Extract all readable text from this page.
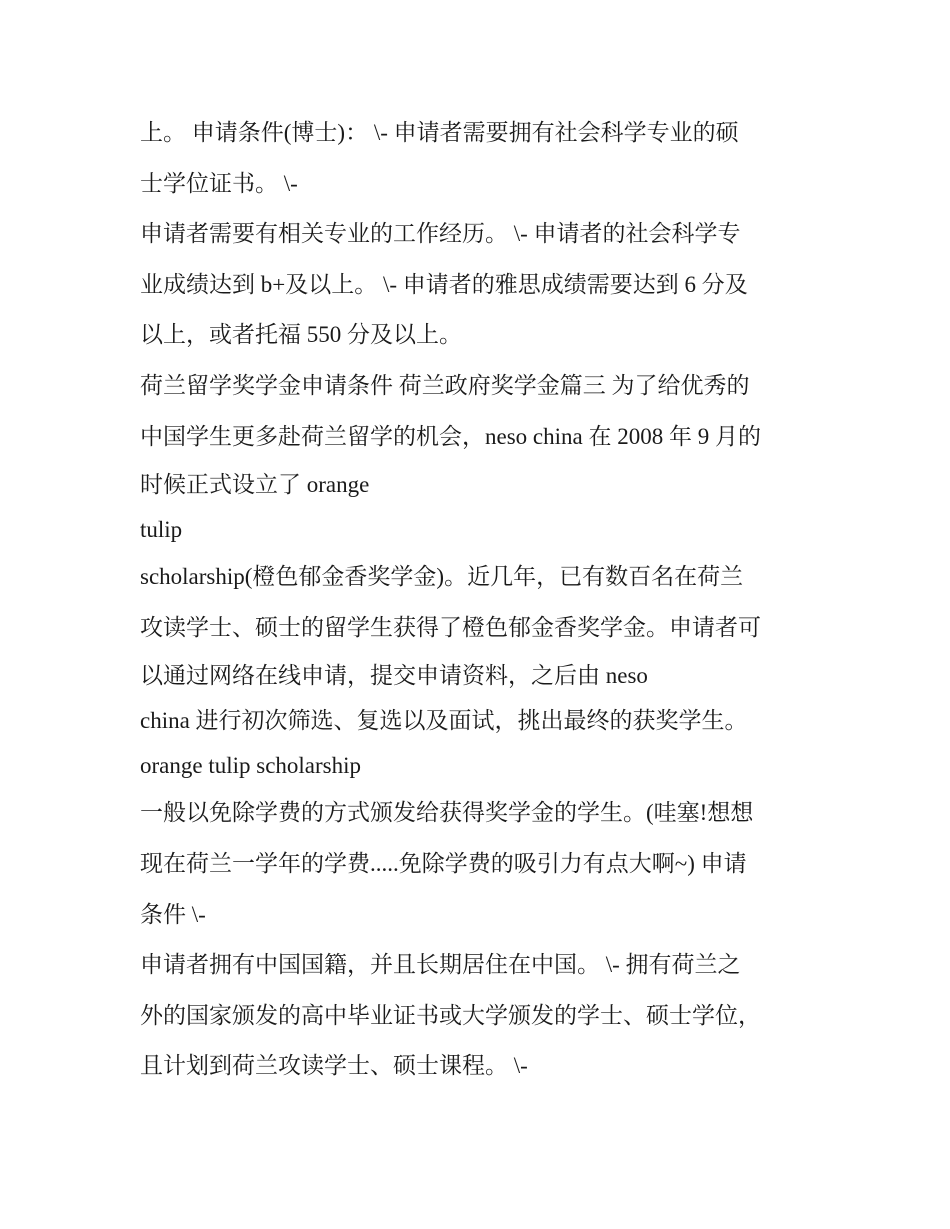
上。 申请条件(博士)： \- 申请者需要拥有社会科学专业的硕

士学位证书。 \-

申请者需要有相关专业的工作经历。 \- 申请者的社会科学专

业成绩达到 b+及以上。 \- 申请者的雅思成绩需要达到 6 分及

以上，或者托福 550 分及以上。

荷兰留学奖学金申请条件 荷兰政府奖学金篇三 为了给优秀的

中国学生更多赴荷兰留学的机会，neso china 在 2008 年 9 月的

时候正式设立了 orange

tulip

scholarship(橙色郁金香奖学金)。近几年，已有数百名在荷兰

攻读学士、硕士的留学生获得了橙色郁金香奖学金。申请者可

以通过网络在线申请，提交申请资料，之后由 neso

china 进行初次筛选、复选以及面试，挑出最终的获奖学生。

orange tulip scholarship

一般以免除学费的方式颁发给获得奖学金的学生。(哇塞!想想

现在荷兰一学年的学费.....免除学费的吸引力有点大啊~) 申请

条件 \-

申请者拥有中国国籍，并且长期居住在中国。 \- 拥有荷兰之

外的国家颁发的高中毕业证书或大学颁发的学士、硕士学位，

且计划到荷兰攻读学士、硕士课程。 \-
